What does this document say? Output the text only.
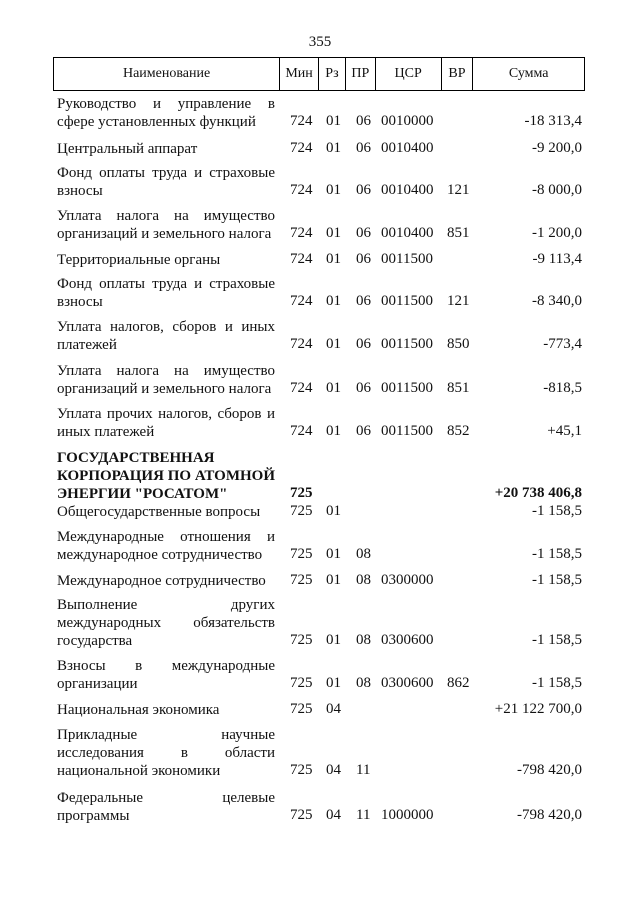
355
Наименование	Мин Рз ПР	ЦСР	ВР	Сумма
Руководство и управление в
сфере установленных функций	724 01 06 0010000	-18 313,4
Центральный аппарат	724 01 06 0010400	-9 200,0
Фонд оплаты труда и страховые
взносы	724 01 06 0010400 121	-8 000,0
Уплата налога на имущество
организаций и земельного налога 724 01 06 0010400 851	-1 200,0
Территориальные органы	724 01 06 0011500	-9 113,4
Фонд оплаты труда и страховые
взносы	724 01 06 0011500 121	-8 340,0
Уплата налогов, сборов и иных
платежей	724 01 06 0011500 850	-773,4
Уплата налога на имущество
организаций и земельного налога 724 01 06 0011500 851	-818,5
Уплата прочих налогов, сборов и
иных платежей	724 01 06 0011500 852	+45,1
ГОСУДАРСТВЕННАЯ
КОРПОРАЦИЯ ПО АТОМНОЙ
ЭНЕРГИИ "РОСАТОМ"	725	+20 738 406,8
Общегосударственные вопросы	725 01	-1 158,5
Международные отношения и
международное сотрудничество	725 01 08	-1 158,5
Международное сотрудничество	725 01 08 0300000	-1 158,5
Выполнение других
международных обязательств
государства	725 01 08 0300600	-1 158,5
Взносы в международные
организации	725 01 08 0300600 862	-1 158,5
Национальная экономика	725 04	+21 122 700,0
Прикладные научные
исследования в области
национальной экономики	725 04 11	-798 420,0
Федеральные целевые
программы	725 04 11 1000000	-798 420,0
